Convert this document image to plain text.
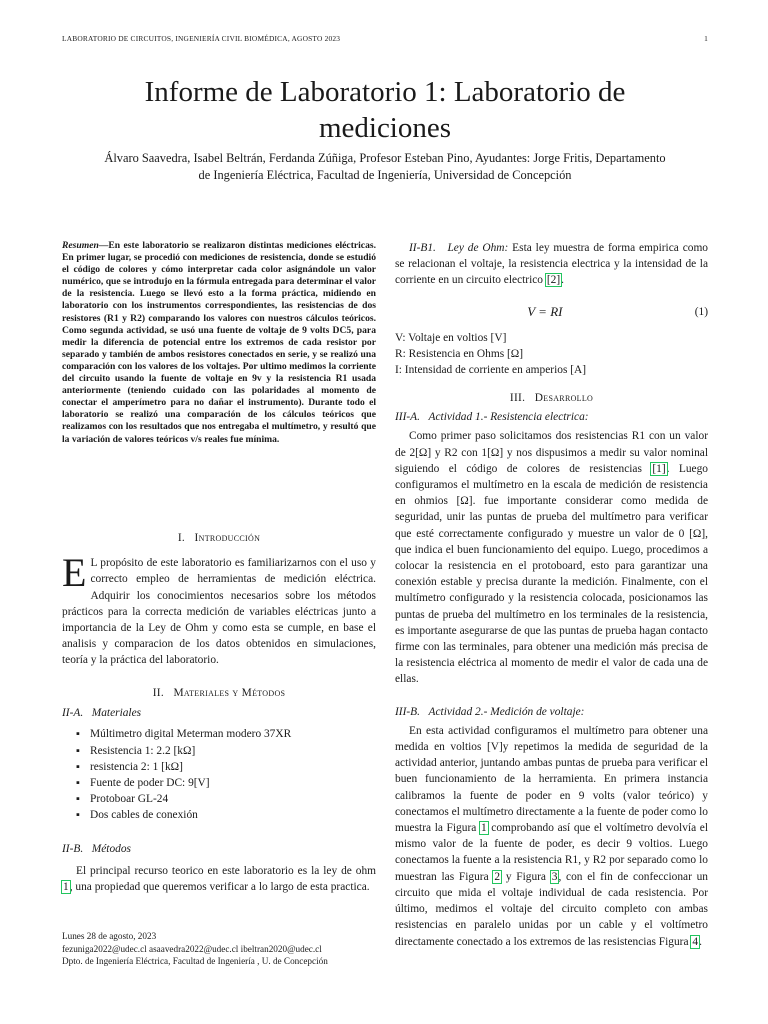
LABORATORIO DE CIRCUITOS, INGENIERÍA CIVIL BIOMÉDICA, AGOSTO 2023	1
Informe de Laboratorio 1: Laboratorio de
mediciones
Álvaro Saavedra, Isabel Beltrán, Ferdanda Zúñiga, Profesor Esteban Pino, Ayudantes: Jorge Fritis, Departamento
de Ingeniería Eléctrica, Facultad de Ingeniería, Universidad de Concepción
Resumen—En este laboratorio se realizaron distintas mediciones eléctricas. En primer lugar, se procedió con mediciones de resistencia, donde se estudió el código de colores y cómo interpretar cada color asignándole un valor numérico, que se introdujo en la fórmula entregada para determinar el valor de la resistencia. Luego se llevó esto a la forma práctica, midiendo en laboratorio con los instrumentos correspondientes, las resistencias de dos resistores (R1 y R2) comparando los valores con nuestros cálculos teóricos. Como segunda actividad, se usó una fuente de voltaje de 9 volts DC5, para medir la diferencia de potencial entre los extremos de cada resistor por separado y también de ambos resistores conectados en serie, y se realizó una comparación con los valores de los voltajes. Por ultimo medimos la corriente del circuito usando la fuente de voltaje en 9v y la resistencia R1 usada anteriormente (teniendo cuidado con las polaridades al momento de conectar el amperímetro para no dañar el instrumento). Durante todo el laboratorio se realizó una comparación de los cálculos teóricos que realizamos con los resultados que nos entregaba el multímetro, y resultó que la variación de valores teóricos v/s reales fue mínima.
I. Introducción
E L propósito de este laboratorio es familiarizarnos con el uso y correcto empleo de herramientas de medición eléctrica. Adquirir los conocimientos necesarios sobre los métodos prácticos para la correcta medición de variables eléctricas junto a importancia de la Ley de Ohm y como esta se cumple, en base el analisis y comparacion de los datos obtenidos en simulaciones, teoría y la práctica del laboratorio.
II. Materiales y Métodos
II-A. Materiales
▪ Múltimetro digital Meterman modero 37XR
▪ Resistencia 1: 2.2 [kΩ]
▪ resistencia 2: 1 [kΩ]
▪ Fuente de poder DC: 9[V]
▪ Protoboar GL-24
▪ Dos cables de conexión
II-B. Métodos

El principal recurso teorico en este laboratorio es la ley de ohm 1, una propiedad que queremos verificar a lo largo de esta practica.

Lunes 28 de agosto, 2023
fezuniga2022@udec.cl asaavedra2022@udec.cl ibeltran2020@udec.cl
Dpto. de Ingeniería Eléctrica, Facultad de Ingeniería , U. de Concepción

II-B1. Ley de Ohm: Esta ley muestra de forma empirica como se relacionan el voltaje, la resistencia electrica y la intensidad de la corriente en un circuito electrico [2].

V = RI	(1)
V: Voltaje en voltios [V]
R: Resistencia en Ohms [Ω]
I: Intensidad de corriente en amperios [A]
III. Desarrollo
III-A. Actividad 1.- Resistencia electrica:

Como primer paso solicitamos dos resistencias R1 con un valor de 2[Ω] y R2 con 1[Ω] y nos dispusimos a medir su valor nominal siguiendo el código de colores de resistencias [1]. Luego configuramos el multímetro en la escala de medición de resistencia en ohmios [Ω]. fue importante considerar como medida de seguridad, unir las puntas de prueba del multímetro para verificar que esté correctamente configurado y muestre un valor de 0 [Ω], que indica el buen funcionamiento del equipo. Luego, procedimos a colocar la resistencia en el protoboard, esto para garantizar una conexión estable y precisa durante la medición. Finalmente, con el multímetro configurado y la resistencia colocada, posicionamos las puntas de prueba del multímetro en los terminales de la resistencia, es importante asegurarse de que las puntas de prueba hagan contacto firme con las terminales, para obtener una medición más precisa de la resistencia eléctrica al momento de medir el valor de cada una de ellas.

III-B. Actividad 2.- Medición de voltaje:

En esta actividad configuramos el multímetro para obtener una medida en voltios [V]y repetimos la medida de seguridad de la actividad anterior, juntando ambas puntas de prueba para verificar el buen funcionamiento de la herramienta. En primera instancia calibramos la fuente de poder en 9 volts (valor teórico) y conectamos el multímetro directamente a la fuente de poder como lo muestra la Figura 1 comprobando así que el voltímetro devolvía el mismo valor de la fuente de poder, es decir 9 voltios. Luego conectamos la fuente a la resistencia R1, y R2 por separado como lo muestran las Figura 2 y Figura 3, con el fin de confeccionar un circuito que mida el voltaje individual de cada resistencia. Por último, medimos el voltaje del circuito completo con ambas resistencias en paralelo unidas por un cable y el voltímetro directamente conectado a los extremos de las resistencias Figura 4.
